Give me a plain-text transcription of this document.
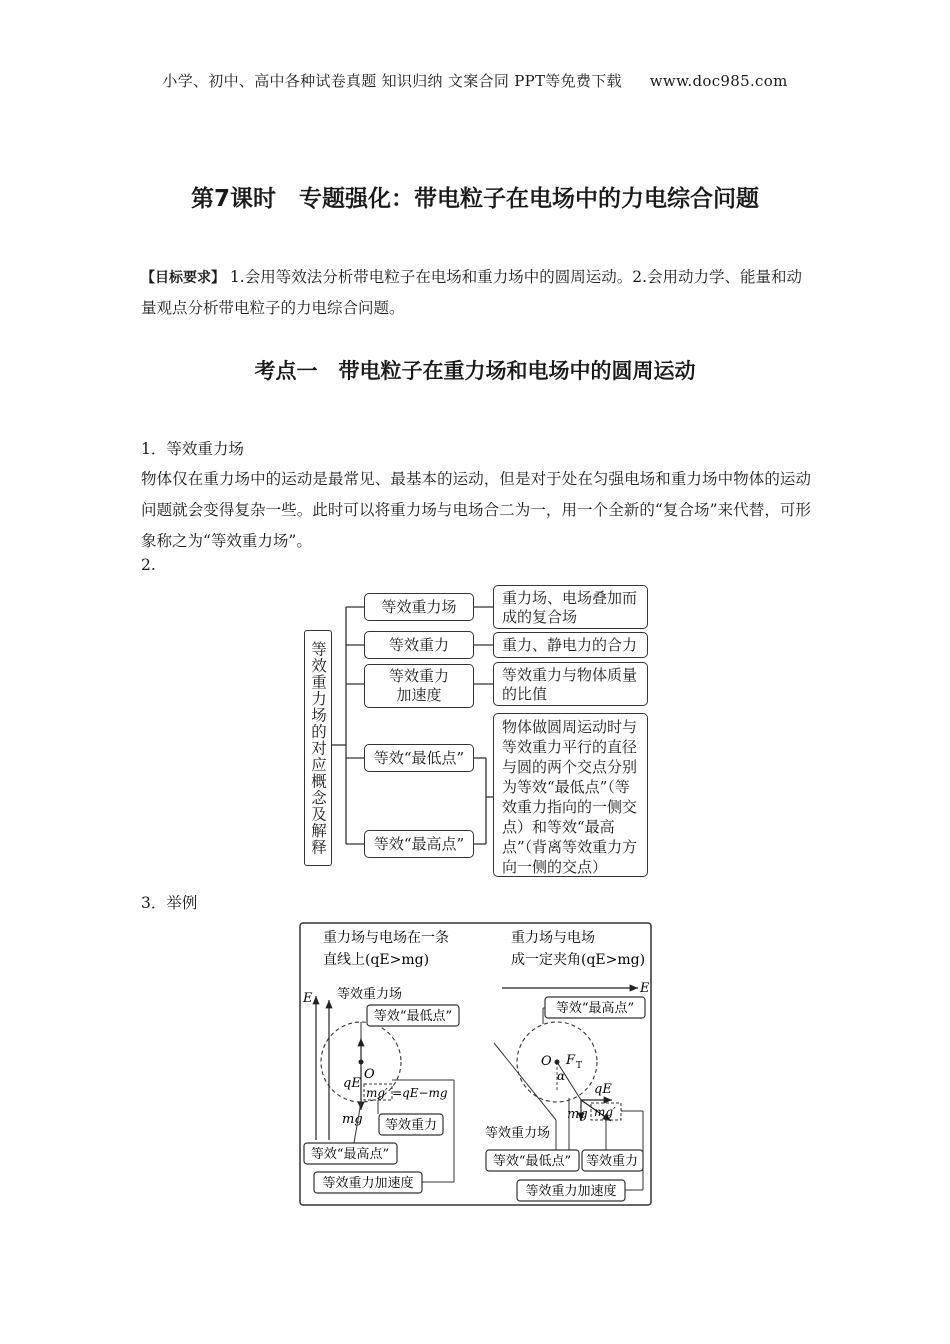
小学、初中、高中各种试卷真题 知识归纳 文案合同 PPT等免费下载 www.doc985.com
第7课时　专题强化：带电粒子在电场中的力电综合问题
【目标要求】 1.会用等效法分析带电粒子在电场和重力场中的圆周运动。2.会用动力学、能量和动量观点分析带电粒子的力电综合问题。
考点一　带电粒子在重力场和电场中的圆周运动
1．等效重力场
物体仅在重力场中的运动是最常见、最基本的运动，但是对于处在匀强电场和重力场中物体的运动问题就会变得复杂一些。此时可以将重力场与电场合二为一，用一个全新的“复合场”来代替，可形象称之为“等效重力场”。
2.
等效重力场的对应概念及解释
等效重力场
等效重力
等效重力加速度
等效“最低点”
等效“最高点”
重力场、电场叠加而成的复合场
重力、静电力的合力
等效重力与物体质量的比值
物体做圆周运动时与等效重力平行的直径与圆的两个交点分别为等效“最低点”（等效重力指向的一侧交点）和等效“最高点”（背离等效重力方向一侧的交点）
3．举例
重力场与电场在一条
直线上(qE>mg)
E 等效重力场
O
等效“最低点”
qE
mg
mg′ =qE−mg
等效重力
等效“最高点”
等效重力加速度
重力场与电场
成一定夹角(qE>mg)
E
等效“最高点”
O F T
α
qE
mg mg′
等效重力场
等效“最低点” 等效重力
等效重力加速度
